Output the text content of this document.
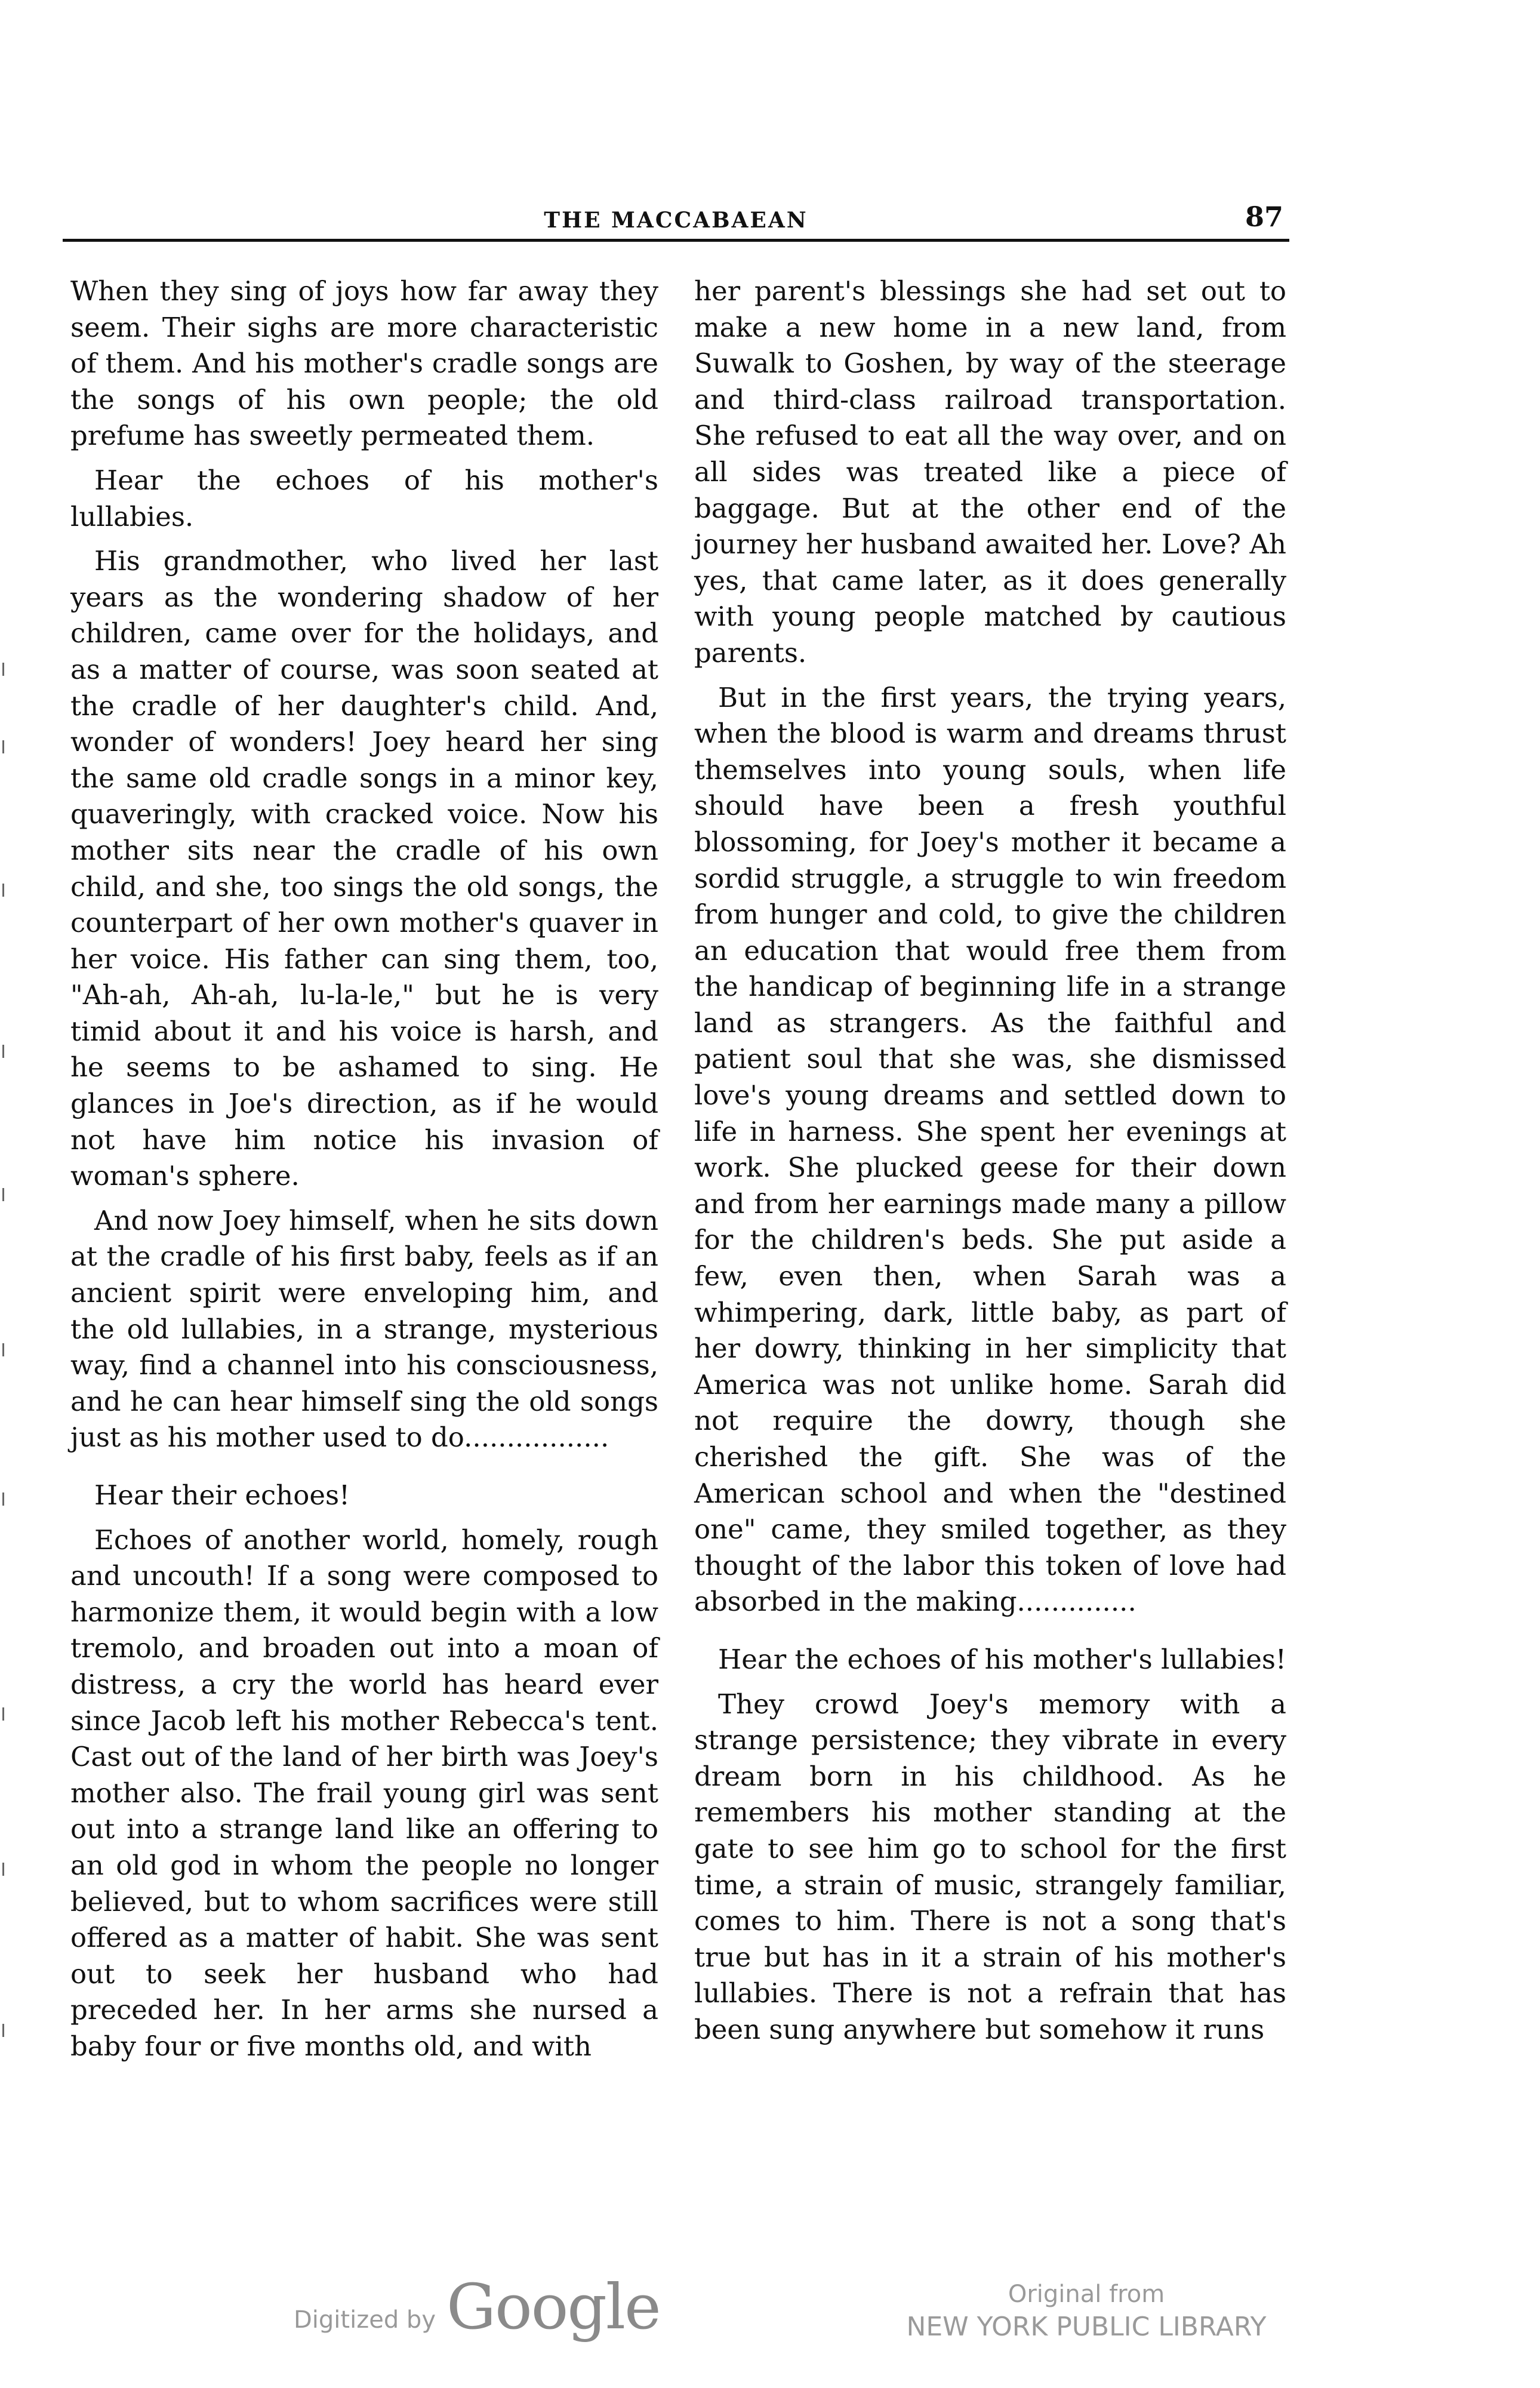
THE MACCABAEAN	87

When they sing of joys how far away they seem. Their sighs are more characteristic of them. And his mother's cradle songs are the songs of his own people; the old prefume has sweetly permeated them.

Hear the echoes of his mother's lullabies.

His grandmother, who lived her last years as the wondering shadow of her children, came over for the holidays, and as a matter of course, was soon seated at the cradle of her daughter's child. And, wonder of wonders! Joey heard her sing the same old cradle songs in a minor key, quaveringly, with cracked voice. Now his mother sits near the cradle of his own child, and she, too sings the old songs, the counterpart of her own mother's quaver in her voice. His father can sing them, too, "Ah-ah, Ah-ah, lu-la-le," but he is very timid about it and his voice is harsh, and he seems to be ashamed to sing. He glances in Joe's direction, as if he would not have him notice his invasion of woman's sphere.

And now Joey himself, when he sits down at the cradle of his first baby, feels as if an ancient spirit were enveloping him, and the old lullabies, in a strange, mysterious way, find a channel into his consciousness, and he can hear himself sing the old songs just as his mother used to do.................

Hear their echoes!

Echoes of another world, homely, rough and uncouth! If a song were composed to harmonize them, it would begin with a low tremolo, and broaden out into a moan of distress, a cry the world has heard ever since Jacob left his mother Rebecca's tent. Cast out of the land of her birth was Joey's mother also. The frail young girl was sent out into a strange land like an offering to an old god in whom the people no longer believed, but to whom sacrifices were still offered as a matter of habit. She was sent out to seek her husband who had preceded her. In her arms she nursed a baby four or five months old, and with

her parent's blessings she had set out to make a new home in a new land, from Suwalk to Goshen, by way of the steerage and third-class railroad transportation. She refused to eat all the way over, and on all sides was treated like a piece of baggage. But at the other end of the journey her husband awaited her. Love? Ah yes, that came later, as it does generally with young people matched by cautious parents.

But in the first years, the trying years, when the blood is warm and dreams thrust themselves into young souls, when life should have been a fresh youthful blossoming, for Joey's mother it became a sordid struggle, a struggle to win freedom from hunger and cold, to give the children an education that would free them from the handicap of beginning life in a strange land as strangers. As the faithful and patient soul that she was, she dismissed love's young dreams and settled down to life in harness. She spent her evenings at work. She plucked geese for their down and from her earnings made many a pillow for the children's beds. She put aside a few, even then, when Sarah was a whimpering, dark, little baby, as part of her dowry, thinking in her simplicity that America was not unlike home. Sarah did not require the dowry, though she cherished the gift. She was of the American school and when the "destined one" came, they smiled together, as they thought of the labor this token of love had absorbed in the making..............

Hear the echoes of his mother's lullabies!

They crowd Joey's memory with a strange persistence; they vibrate in every dream born in his childhood. As he remembers his mother standing at the gate to see him go to school for the first time, a strain of music, strangely familiar, comes to him. There is not a song that's true but has in it a strain of his mother's lullabies. There is not a refrain that has been sung anywhere but somehow it runs

Digitized by Google	Original from
NEW YORK PUBLIC LIBRARY
